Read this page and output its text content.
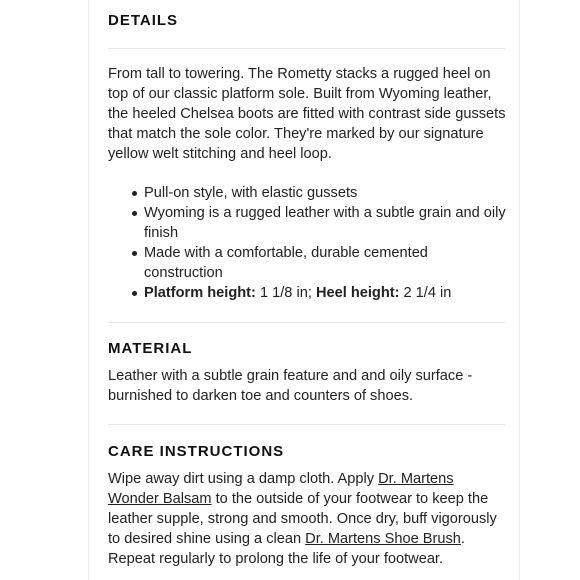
DETAILS

From tall to towering. The Rometty stacks a rugged heel on top of our classic platform sole. Built from Wyoming leather, the heeled Chelsea boots are fitted with contrast side gussets that match the sole color. They're marked by our signature yellow welt stitching and heel loop.

Pull-on style, with elastic gussets
Wyoming is a rugged leather with a subtle grain and oily finish
Made with a comfortable, durable cemented construction
Platform height: 1 1/8 in; Heel height: 2 1/4 in
MATERIAL

Leather with a subtle grain feature and and oily surface - burnished to darken toe and counters of shoes.

CARE INSTRUCTIONS

Wipe away dirt using a damp cloth. Apply Dr. Martens Wonder Balsam to the outside of your footwear to keep the leather supple, strong and smooth. Once dry, buff vigorously to desired shine using a clean Dr. Martens Shoe Brush. Repeat regularly to prolong the life of your footwear.
